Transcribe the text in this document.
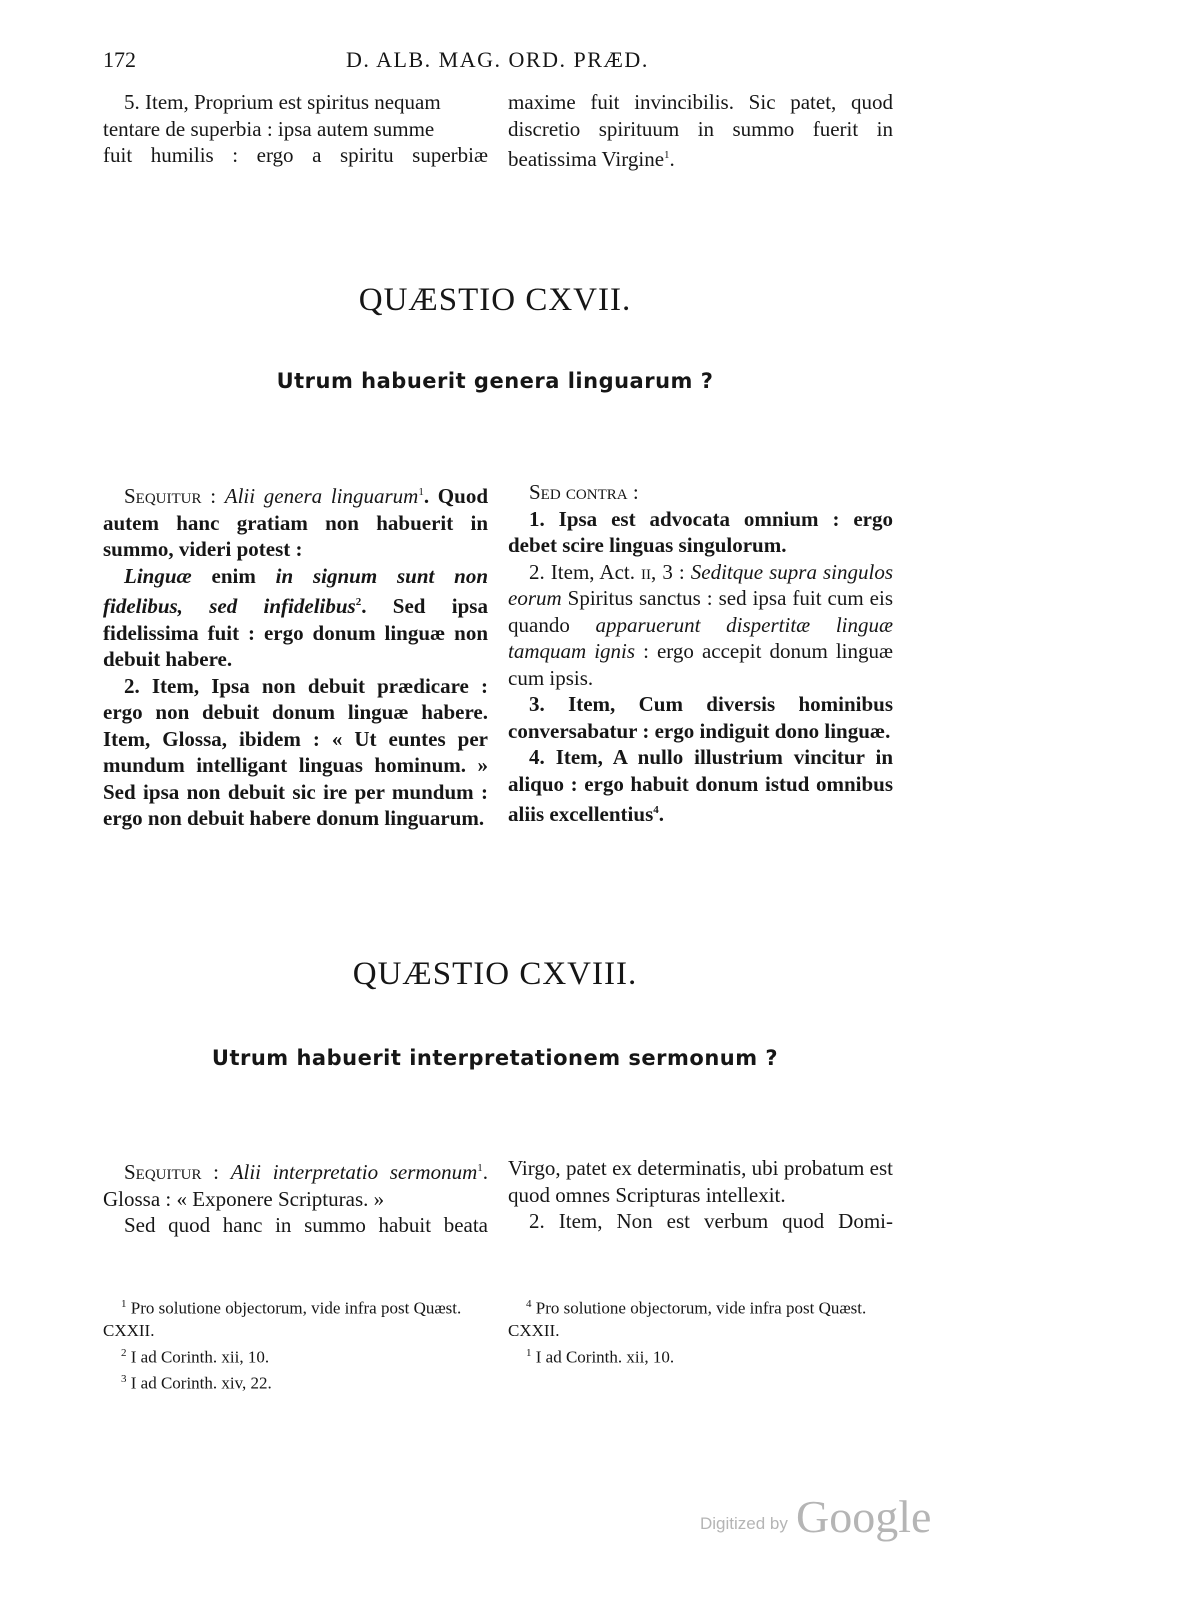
172	D. ALB. MAG. ORD. PRÆD.

5. Item, Proprium est spiritus nequam

tentare de superbia : ipsa autem summe

fuit humilis : ergo a spiritu superbiæ

maxime fuit invincibilis. Sic patet, quod discretio spirituum in summo fuerit in beatissima Virgine$^1$.

QUÆSTIO CXVII.
Utrum habuerit genera linguarum ?

Sequitur : Alii genera linguarum$^1$. Quod autem hanc gratiam non habuerit in summo, videri potest :

Linguæ enim in signum sunt non fidelibus, sed infidelibus$^2$. Sed ipsa fidelissima fuit : ergo donum linguæ non debuit habere.

2. Item, Ipsa non debuit prædicare : ergo non debuit donum linguæ habere. Item, Glossa, ibidem : « Ut euntes per mundum intelligant linguas hominum. » Sed ipsa non debuit sic ire per mundum : ergo non debuit habere donum linguarum.

Sed contra :

1. Ipsa est advocata omnium : ergo debet scire linguas singulorum.

2. Item, Act. ii, 3 : Seditque supra singulos eorum Spiritus sanctus : sed ipsa fuit cum eis quando apparuerunt dispertitæ linguæ tamquam ignis : ergo accepit donum linguæ cum ipsis.

3. Item, Cum diversis hominibus conversabatur : ergo indiguit dono linguæ.

4. Item, A nullo illustrium vincitur in aliquo : ergo habuit donum istud omnibus aliis excellentius$^4$.

QUÆSTIO CXVIII.
Utrum habuerit interpretationem sermonum ?

Sequitur : Alii interpretatio sermonum$^1$. Glossa : « Exponere Scripturas. »

Sed quod hanc in summo habuit beata

Virgo, patet ex determinatis, ubi probatum est quod omnes Scripturas intellexit.

2. Item, Non est verbum quod Domi-

$^1$ Pro solutione objectorum, vide infra post Quæst. CXXII.

$^2$ I ad Corinth. xii, 10.

$^3$ I ad Corinth. xiv, 22.

$^4$ Pro solutione objectorum, vide infra post Quæst. CXXII.

$^1$ I ad Corinth. xii, 10.

Digitized by Google
